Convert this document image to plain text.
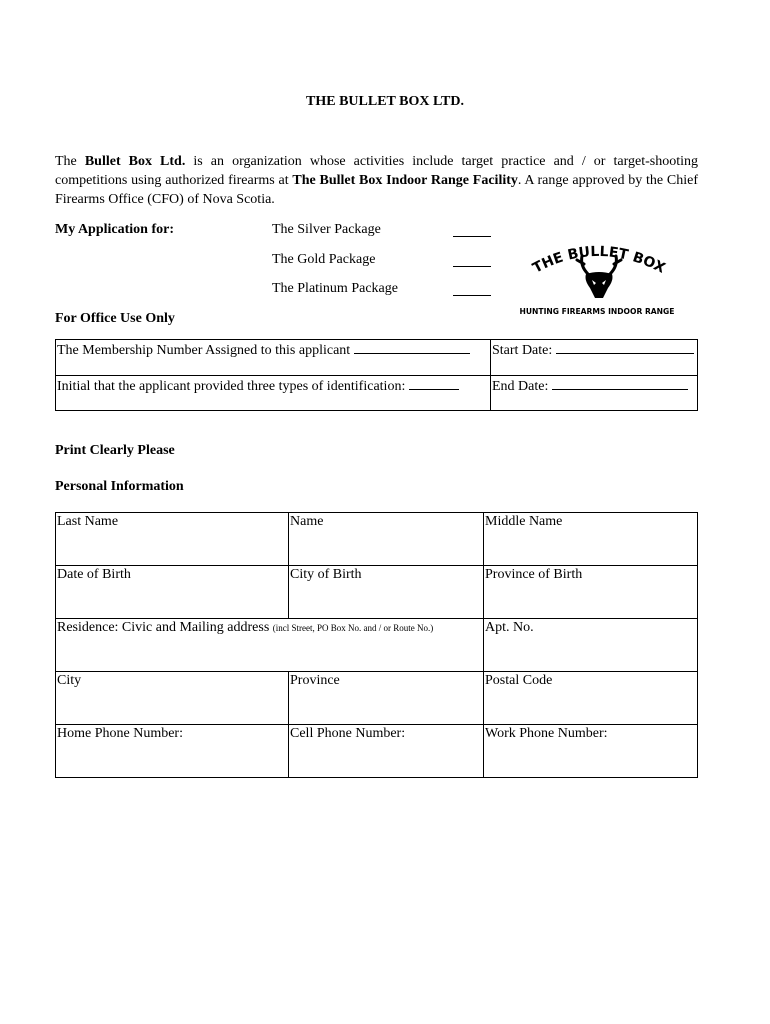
THE BULLET BOX LTD.
The Bullet Box Ltd. is an organization whose activities include target practice and / or target-shooting competitions using authorized firearms at The Bullet Box Indoor Range Facility. A range approved by the Chief Firearms Office (CFO) of Nova Scotia.
My Application for:	The Silver Package
The Gold Package
The Platinum Package
THE BULLET BOX
HUNTING FIREARMS INDOOR RANGE
For Office Use Only
The Membership Number Assigned to this applicant	Start Date:
Initial that the applicant provided three types of identification:	End Date:
Print Clearly Please
Personal Information
Last Name	Name	Middle Name
Date of Birth	City of Birth	Province of Birth
Residence: Civic and Mailing address (incl Street, PO Box No. and / or Route No.)		Apt. No.
City	Province	Postal Code
Home Phone Number:	Cell Phone Number:	Work Phone Number:
